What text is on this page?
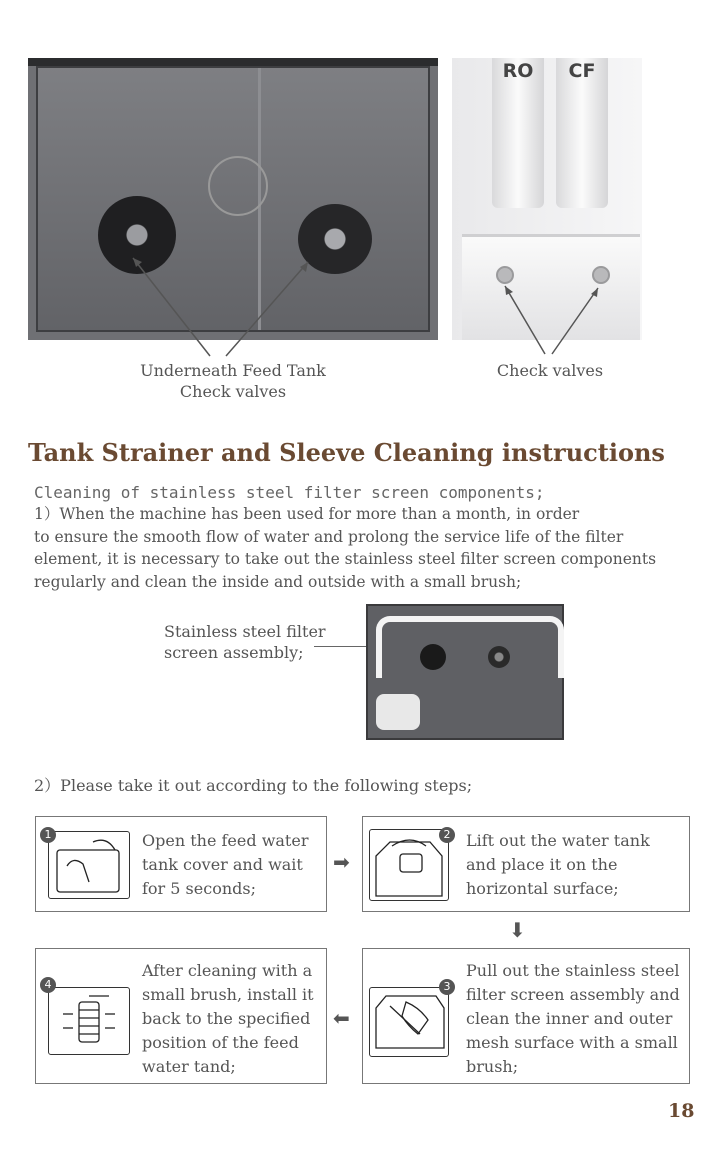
RO	CF
Underneath Feed Tank
Check valves
Check valves
Tank Strainer and Sleeve Cleaning instructions
Cleaning of stainless steel filter screen components;
1）When the machine has been used for more than a month, in order
to ensure the smooth flow of water and prolong the service life of the filter
element, it is necessary to take out the stainless steel filter screen components
regularly and clean the inside and outside with a small brush;
Stainless steel filter
screen assembly;
2）Please take it out according to the following steps;
1	Open the feed water
tank cover and wait
for 5 seconds;
➡
2 Lift out the water tank
and place it on the
horizontal surface;
⬇
4
After cleaning with a
small brush, install it
back to the specified
position of the feed
water tand;
⬅
3
Pull out the stainless steel
filter screen assembly and
clean the inner and outer
mesh surface with a small
brush;
18
